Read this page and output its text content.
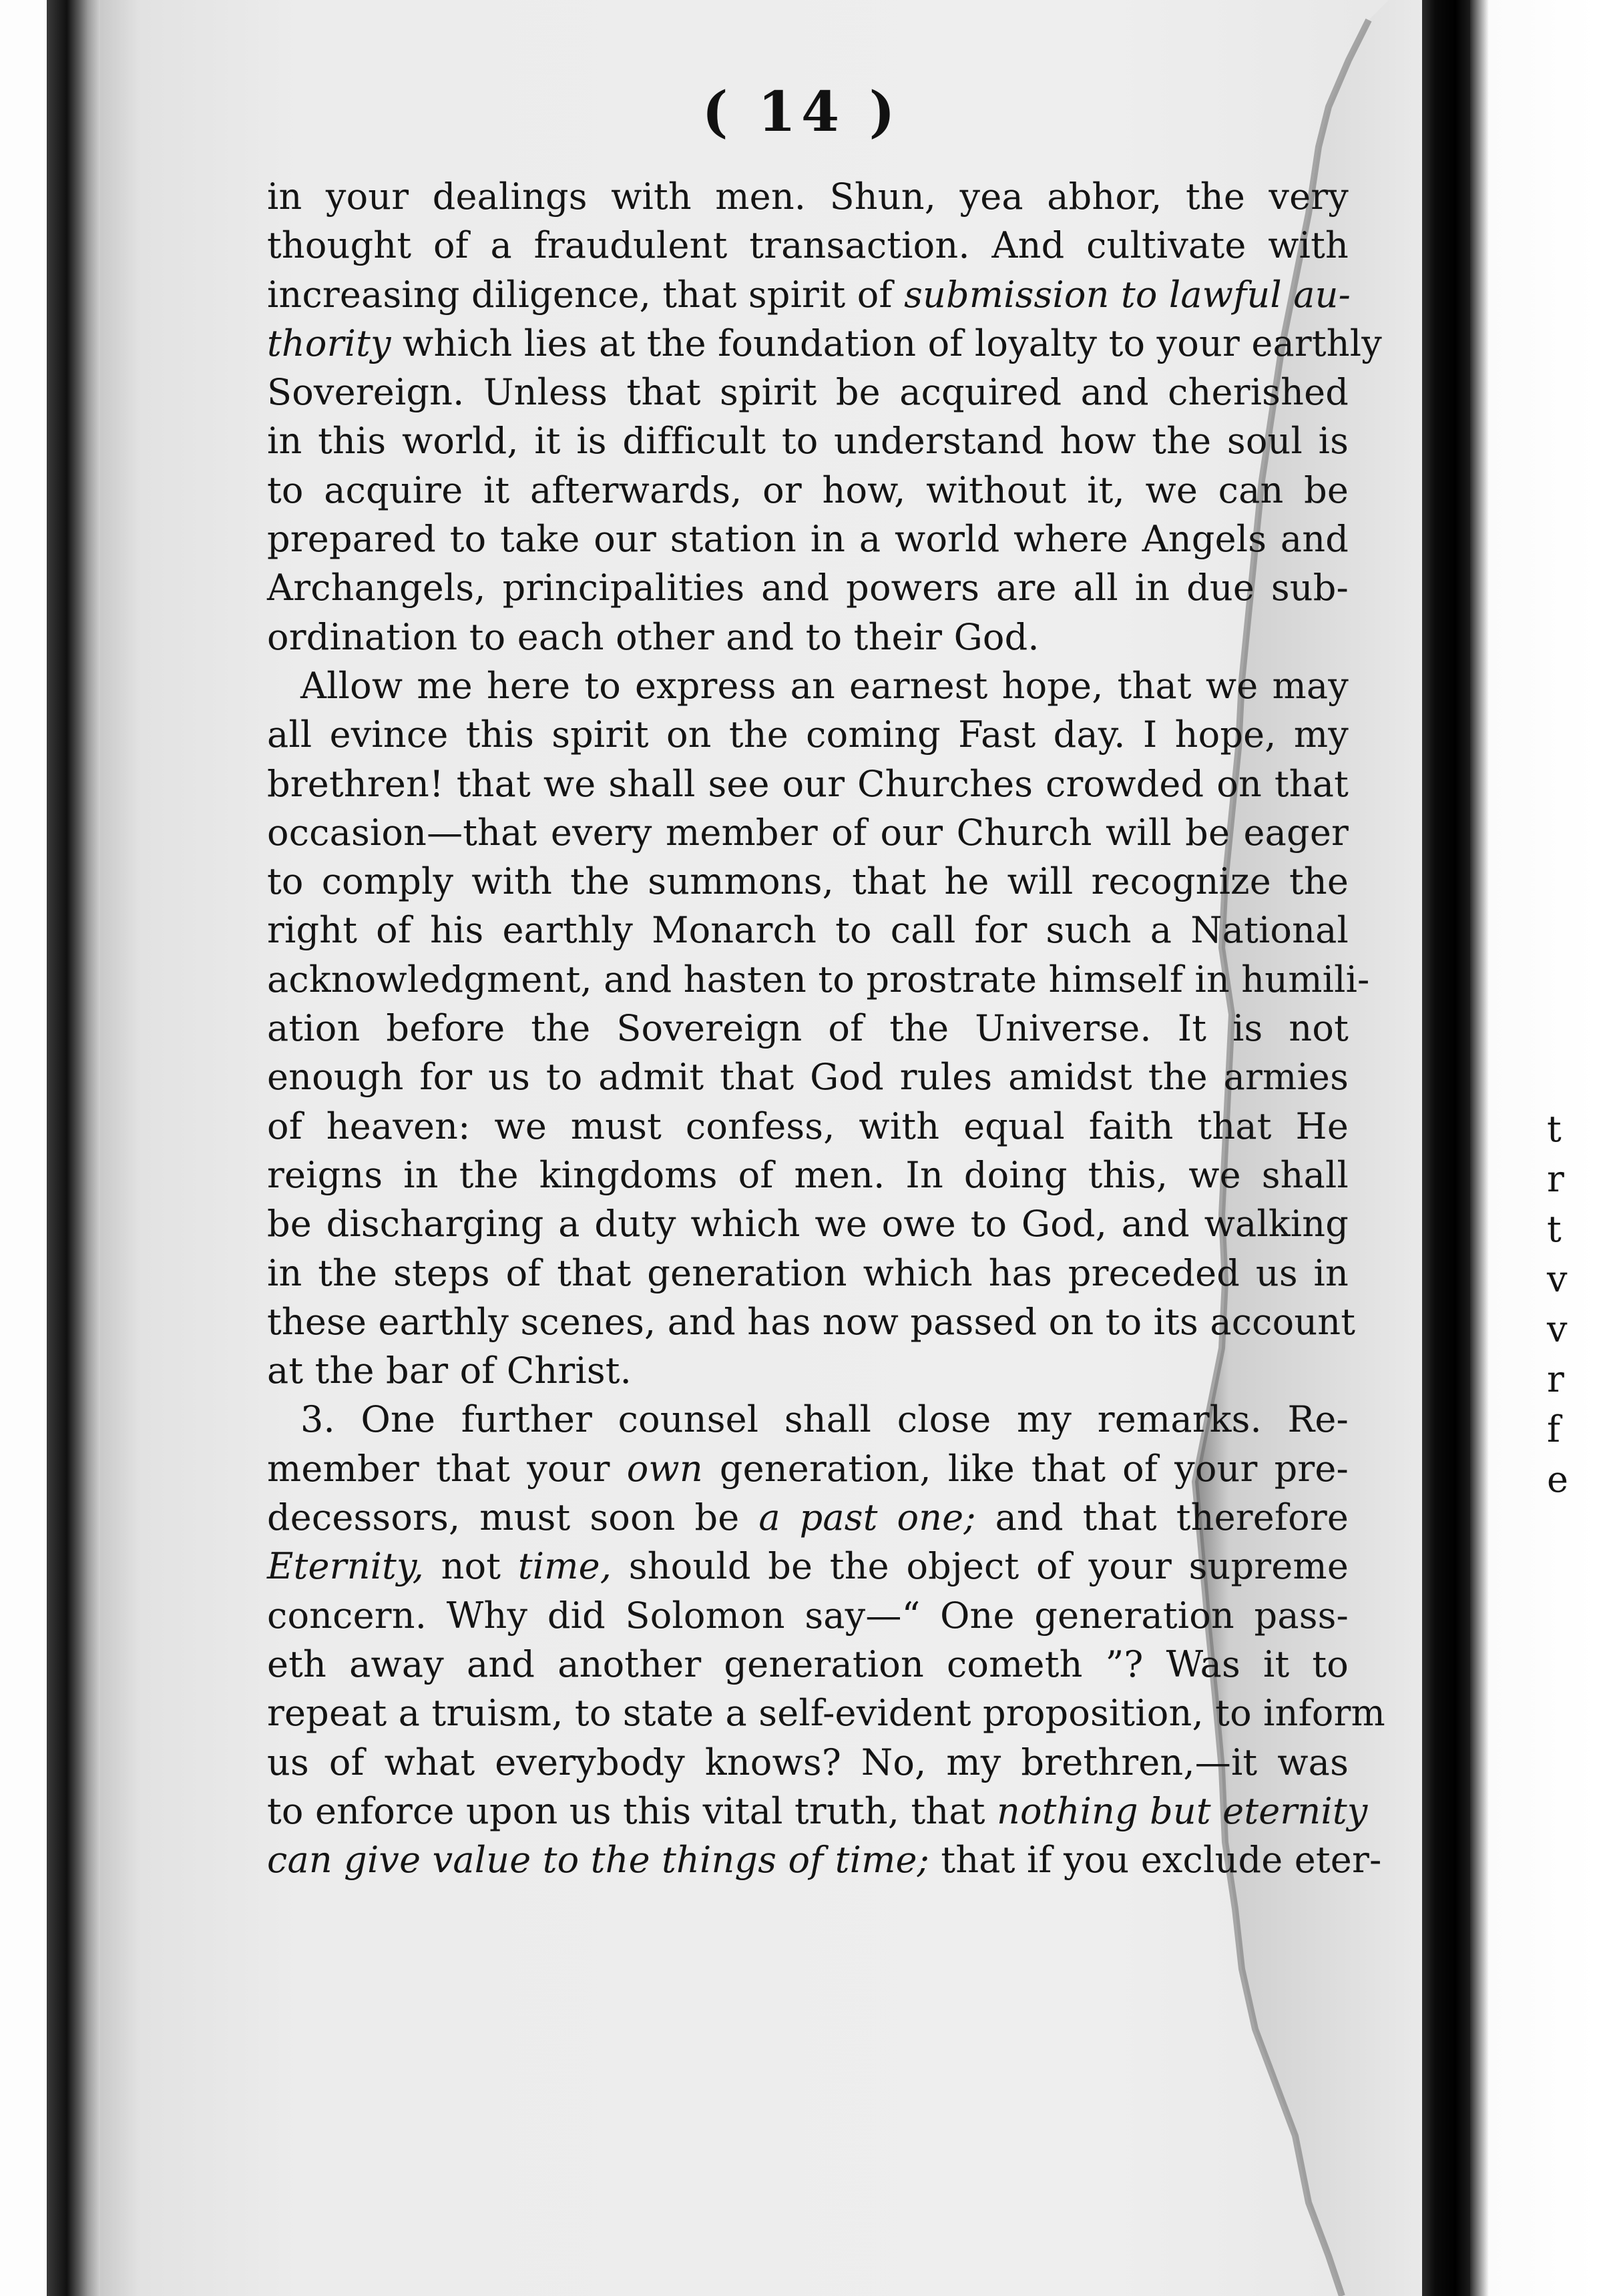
t
r
t
v
v
r
f
e
( 14 )
in your dealings with men. Shun, yea abhor, the very
thought of a fraudulent transaction. And cultivate with
increasing diligence, that spirit of submission to lawful au-
thority which lies at the foundation of loyalty to your earthly
Sovereign. Unless that spirit be acquired and cherished
in this world, it is difficult to understand how the soul is
to acquire it afterwards, or how, without it, we can be
prepared to take our station in a world where Angels and
Archangels, principalities and powers are all in due sub-
ordination to each other and to their God.
Allow me here to express an earnest hope, that we may
all evince this spirit on the coming Fast day. I hope, my
brethren! that we shall see our Churches crowded on that
occasion—that every member of our Church will be eager
to comply with the summons, that he will recognize the
right of his earthly Monarch to call for such a National
acknowledgment, and hasten to prostrate himself in humili-
ation before the Sovereign of the Universe. It is not
enough for us to admit that God rules amidst the armies
of heaven: we must confess, with equal faith that He
reigns in the kingdoms of men. In doing this, we shall
be discharging a duty which we owe to God, and walking
in the steps of that generation which has preceded us in
these earthly scenes, and has now passed on to its account
at the bar of Christ.
3. One further counsel shall close my remarks. Re-
member that your own generation, like that of your pre-
decessors, must soon be a past one; and that therefore
Eternity, not time, should be the object of your supreme
concern. Why did Solomon say—“ One generation pass-
eth away and another generation cometh ”? Was it to
repeat a truism, to state a self-evident proposition, to inform
us of what everybody knows? No, my brethren,—it was
to enforce upon us this vital truth, that nothing but eternity
can give value to the things of time; that if you exclude eter-
